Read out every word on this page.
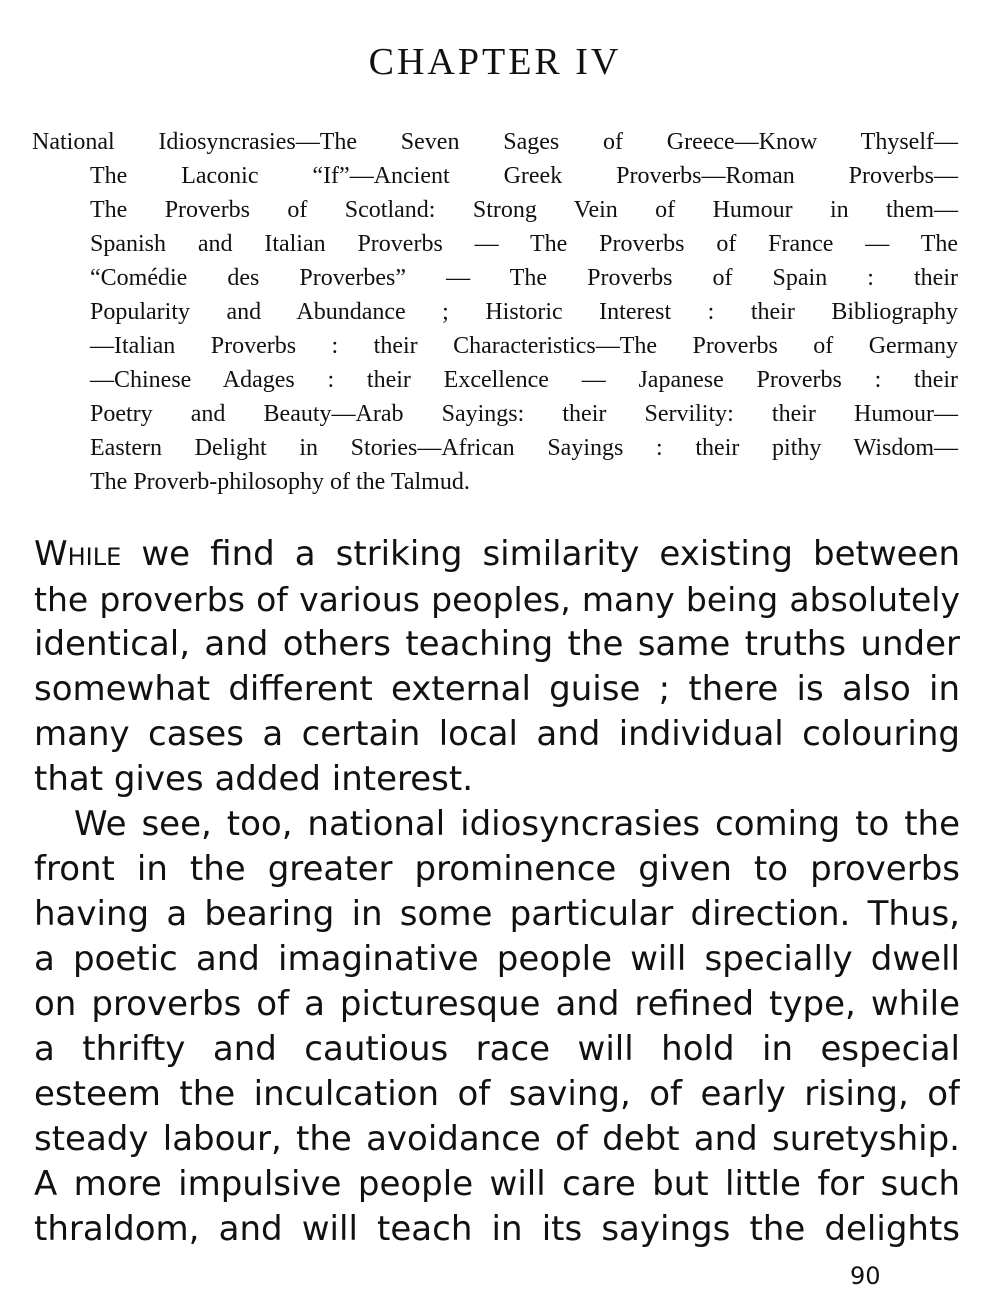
CHAPTER IV
National Idiosyncrasies—The Seven Sages of Greece—Know Thyself—
The Laconic “If”—Ancient Greek Proverbs—Roman Proverbs—
The Proverbs of Scotland: Strong Vein of Humour in them—
Spanish and Italian Proverbs — The Proverbs of France — The
“Comédie des Proverbes” — The Proverbs of Spain : their
Popularity and Abundance ; Historic Interest : their Bibliography
—Italian Proverbs : their Characteristics—The Proverbs of Germany
—Chinese Adages : their Excellence — Japanese Proverbs : their
Poetry and Beauty—Arab Sayings: their Servility: their Humour—
Eastern Delight in Stories—African Sayings : their pithy Wisdom—
The Proverb-philosophy of the Talmud.
While we find a striking similarity existing between
the proverbs of various peoples, many being absolutely
identical, and others teaching the same truths under
somewhat different external guise ; there is also in
many cases a certain local and individual colouring
that gives added interest.
We see, too, national idiosyncrasies coming to the
front in the greater prominence given to proverbs
having a bearing in some particular direction. Thus,
a poetic and imaginative people will specially dwell
on proverbs of a picturesque and refined type, while
a thrifty and cautious race will hold in especial
esteem the inculcation of saving, of early rising, of
steady labour, the avoidance of debt and suretyship.
A more impulsive people will care but little for such
thraldom, and will teach in its sayings the delights
90
